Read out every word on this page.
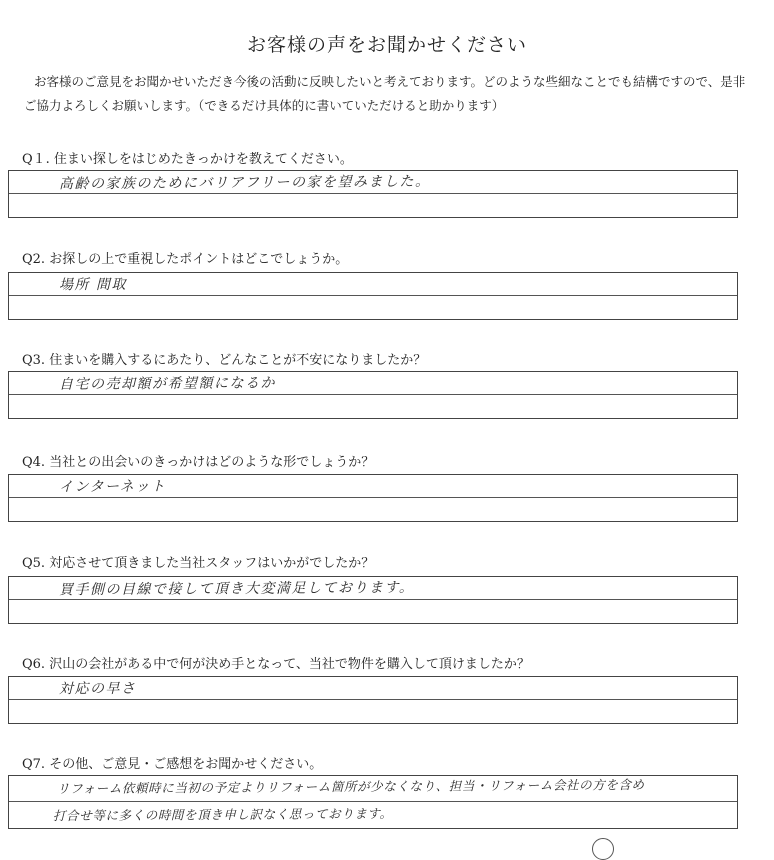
お客様の声をお聞かせください
お客様のご意見をお聞かせいただき今後の活動に反映したいと考えております。どのような些細なことでも結構ですので、是非ご協力よろしくお願いします。（できるだけ具体的に書いていただけると助かります）
Q１. 住まい探しをはじめたきっかけを教えてください。
高齢の家族のためにバリアフリーの家を望みました。
Q2. お探しの上で重視したポイントはどこでしょうか。
場所 間取
Q3. 住まいを購入するにあたり、どんなことが不安になりましたか？
自宅の売却額が希望額になるか
Q4. 当社との出会いのきっかけはどのような形でしょうか？
インターネット
Q5. 対応させて頂きました当社スタッフはいかがでしたか？
買手側の目線で接して頂き大変満足しております。
Q6. 沢山の会社がある中で何が決め手となって、当社で物件を購入して頂けましたか？
対応の早さ
Q7. その他、ご意見・ご感想をお聞かせください。
リフォーム依頼時に当初の予定よりリフォーム箇所が少なくなり、担当・リフォーム会社の方を含め
打合せ等に多くの時間を頂き申し訳なく思っております。
